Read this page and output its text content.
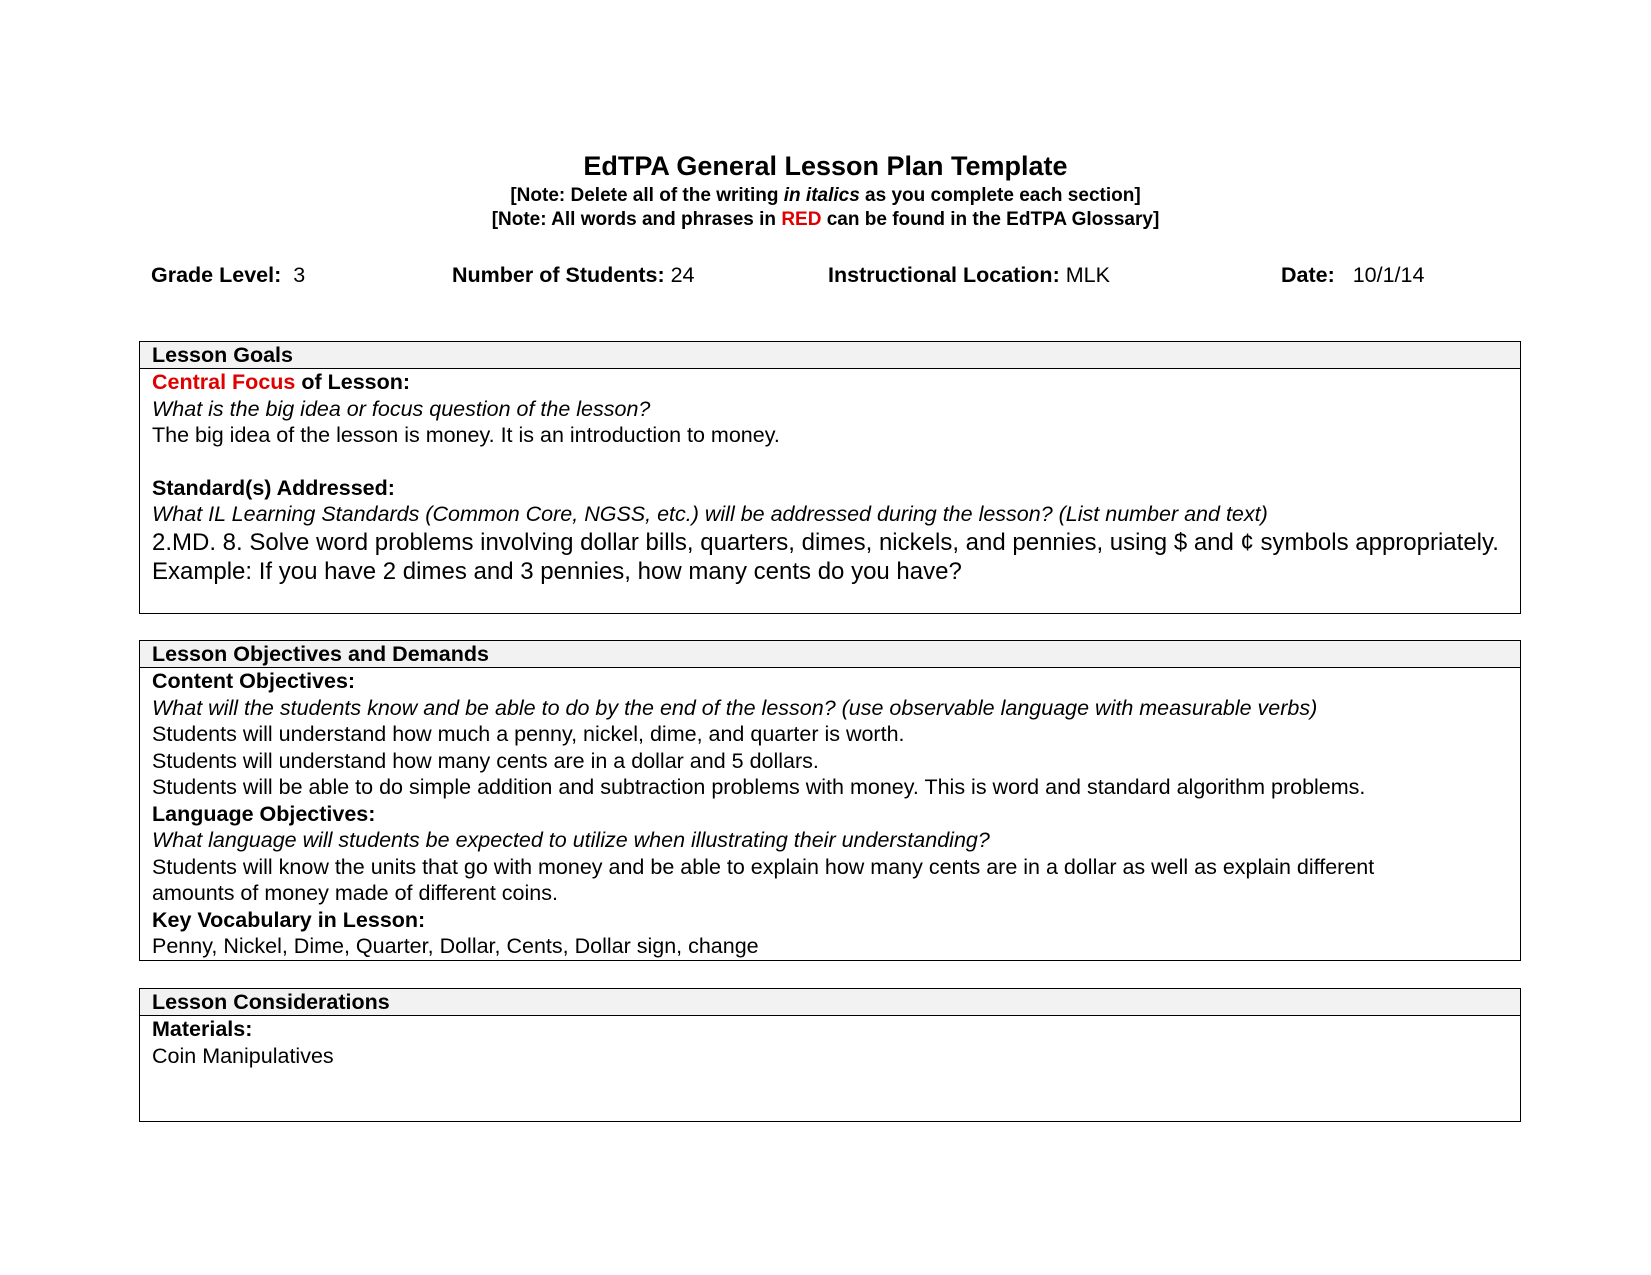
EdTPA General Lesson Plan Template
[Note: Delete all of the writing in italics as you complete each section]
[Note: All words and phrases in RED can be found in the EdTPA Glossary]
Grade Level: 3	Number of Students: 24	Instructional Location: MLK	Date: 10/1/14
Lesson Goals
Central Focus of Lesson:
What is the big idea or focus question of the lesson?
The big idea of the lesson is money. It is an introduction to money.
Standard(s) Addressed:
What IL Learning Standards (Common Core, NGSS, etc.) will be addressed during the lesson? (List number and text)
2.MD. 8. Solve word problems involving dollar bills, quarters, dimes, nickels, and pennies, using $ and ¢ symbols appropriately. Example: If you have 2 dimes and 3 pennies, how many cents do you have?
Lesson Objectives and Demands
Content Objectives:
What will the students know and be able to do by the end of the lesson? (use observable language with measurable verbs)
Students will understand how much a penny, nickel, dime, and quarter is worth.
Students will understand how many cents are in a dollar and 5 dollars.
Students will be able to do simple addition and subtraction problems with money. This is word and standard algorithm problems.
Language Objectives:
What language will students be expected to utilize when illustrating their understanding?
Students will know the units that go with money and be able to explain how many cents are in a dollar as well as explain different
amounts of money made of different coins.
Key Vocabulary in Lesson:
Penny, Nickel, Dime, Quarter, Dollar, Cents, Dollar sign, change
Lesson Considerations
Materials:
Coin Manipulatives
